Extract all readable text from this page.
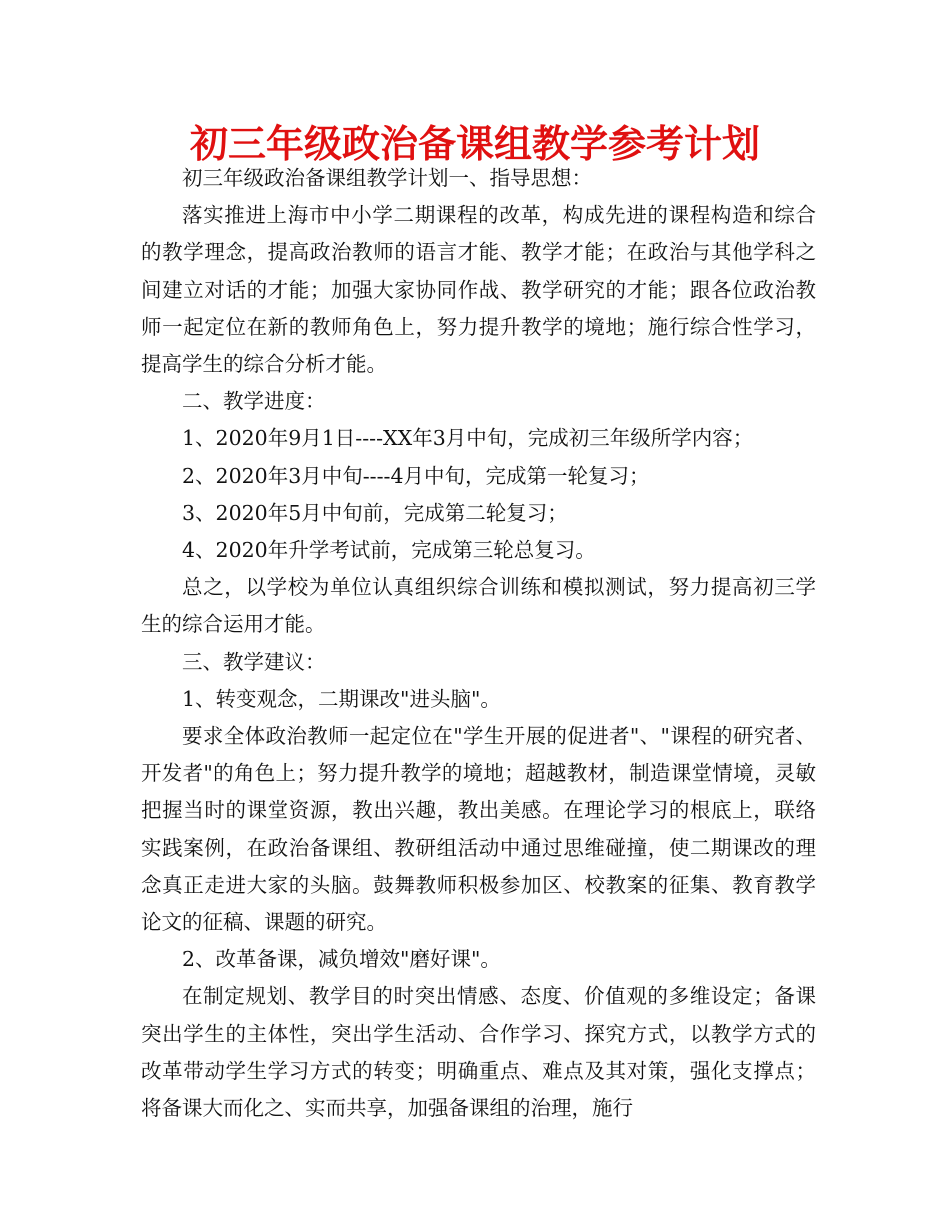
初三年级政治备课组教学参考计划

初三年级政治备课组教学计划一、指导思想：

落实推进上海市中小学二期课程的改革，构成先进的课程构造和综合的教学理念，提高政治教师的语言才能、教学才能；在政治与其他学科之间建立对话的才能；加强大家协同作战、教学研究的才能；跟各位政治教师一起定位在新的教师角色上，努力提升教学的境地；施行综合性学习，提高学生的综合分析才能。

二、教学进度：

1、2020年9月1日----XX年3月中旬，完成初三年级所学内容；

2、2020年3月中旬----4月中旬，完成第一轮复习；

3、2020年5月中旬前，完成第二轮复习；

4、2020年升学考试前，完成第三轮总复习。

总之，以学校为单位认真组织综合训练和模拟测试，努力提高初三学生的综合运用才能。

三、教学建议：

1、转变观念，二期课改"进头脑"。

要求全体政治教师一起定位在"学生开展的促进者"、"课程的研究者、开发者"的角色上；努力提升教学的境地；超越教材，制造课堂情境，灵敏把握当时的课堂资源，教出兴趣，教出美感。在理论学习的根底上，联络实践案例，在政治备课组、教研组活动中通过思维碰撞，使二期课改的理念真正走进大家的头脑。鼓舞教师积极参加区、校教案的征集、教育教学论文的征稿、课题的研究。

2、改革备课，减负增效"磨好课"。

在制定规划、教学目的时突出情感、态度、价值观的多维设定；备课突出学生的主体性，突出学生活动、合作学习、探究方式，以教学方式的改革带动学生学习方式的转变；明确重点、难点及其对策，强化支撑点；将备课大而化之、实而共享，加强备课组的治理，施行
